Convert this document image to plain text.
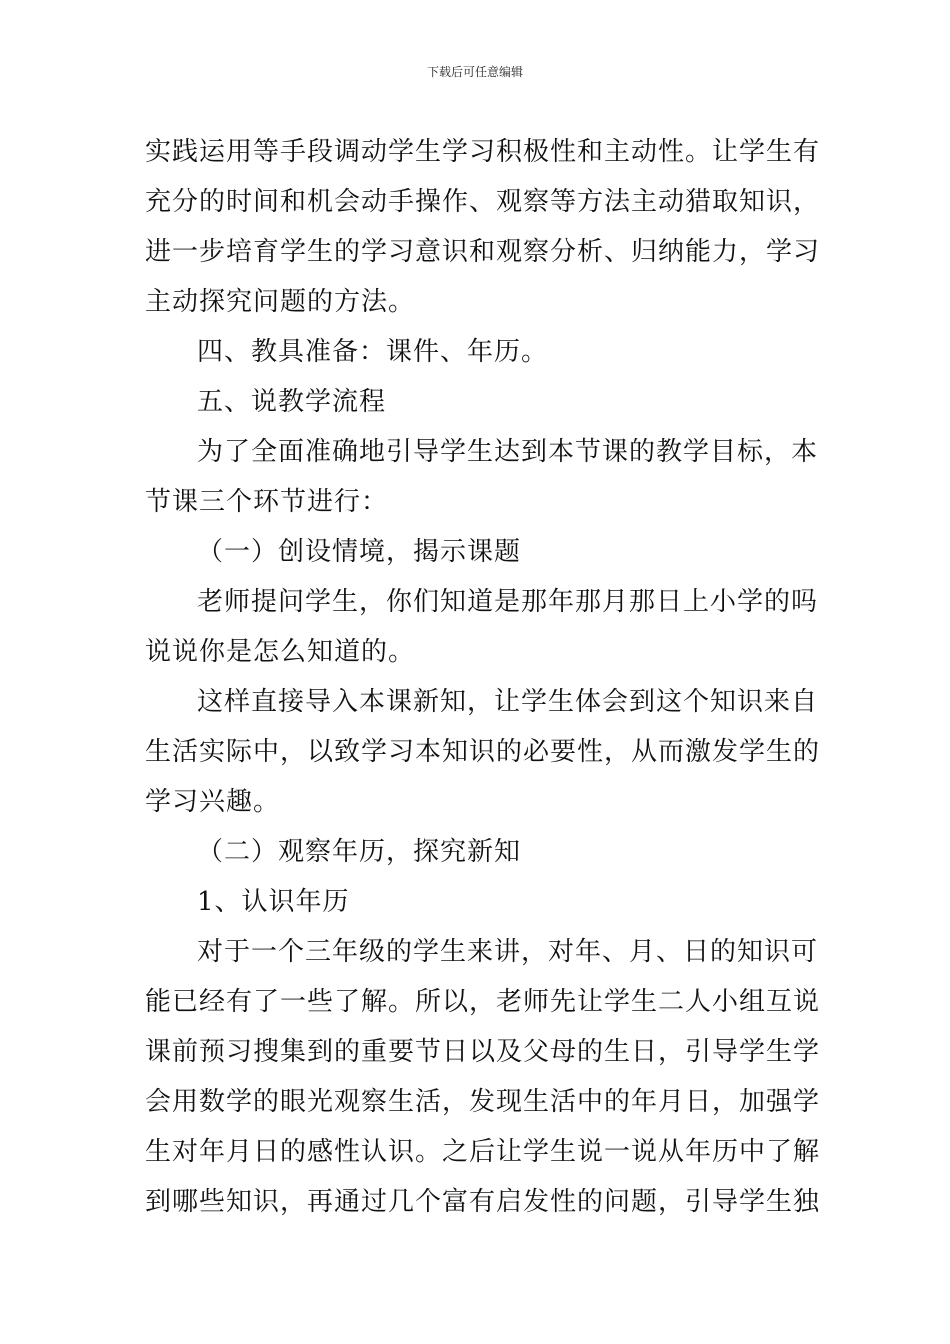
下载后可任意编辑
实践运用等手段调动学生学习积极性和主动性。让学生有
充分的时间和机会动手操作、观察等方法主动猎取知识，
进一步培育学生的学习意识和观察分析、归纳能力，学习
主动探究问题的方法。
四、教具准备：课件、年历。
五、说教学流程
为了全面准确地引导学生达到本节课的教学目标，本
节课三个环节进行：
（一）创设情境，揭示课题
老师提问学生，你们知道是那年那月那日上小学的吗
说说你是怎么知道的。
这样直接导入本课新知，让学生体会到这个知识来自
生活实际中，以致学习本知识的必要性，从而激发学生的
学习兴趣。
（二）观察年历，探究新知
1、认识年历
对于一个三年级的学生来讲，对年、月、日的知识可
能已经有了一些了解。所以，老师先让学生二人小组互说
课前预习搜集到的重要节日以及父母的生日，引导学生学
会用数学的眼光观察生活，发现生活中的年月日，加强学
生对年月日的感性认识。之后让学生说一说从年历中了解
到哪些知识，再通过几个富有启发性的问题，引导学生独
